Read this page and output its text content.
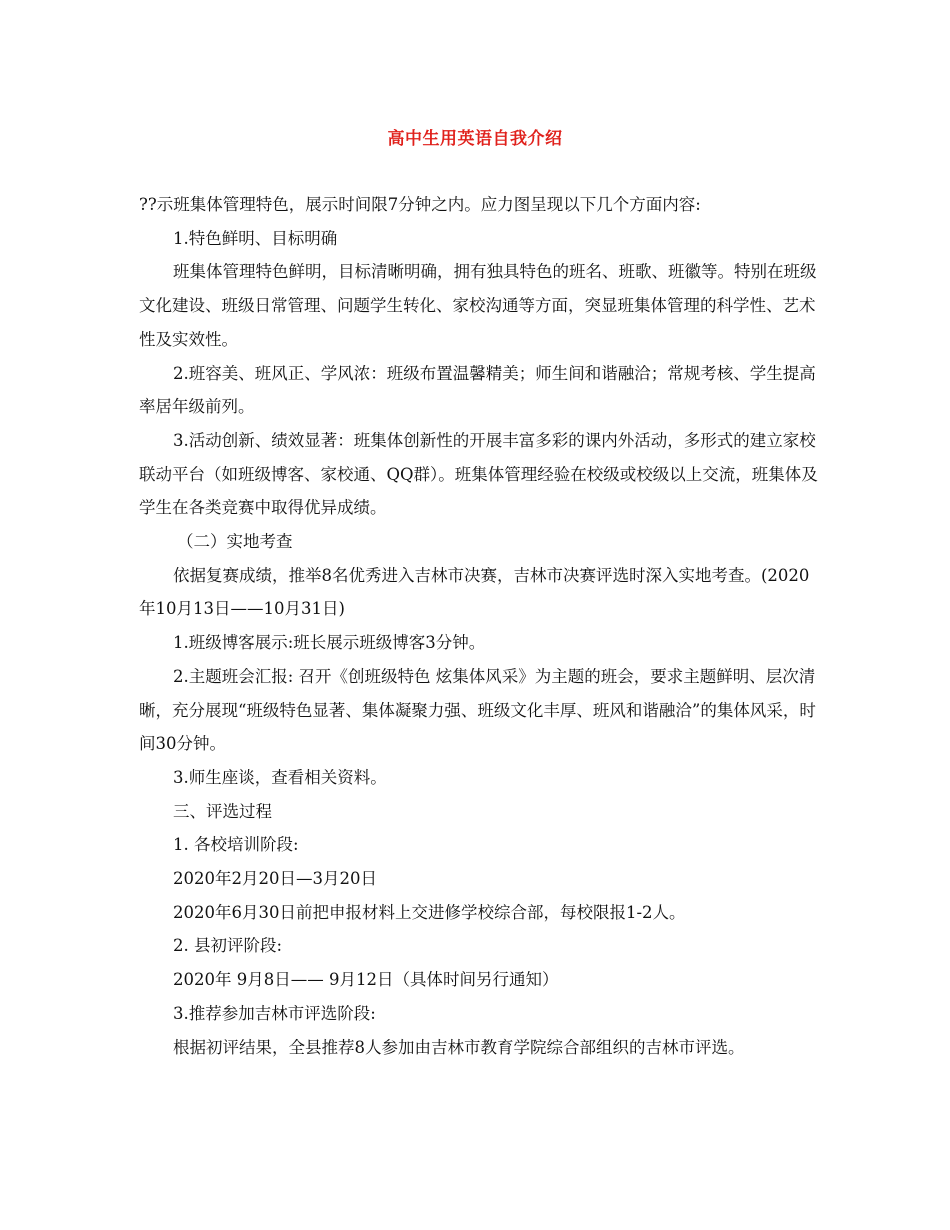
高中生用英语自我介绍

??示班集体管理特色，展示时间限7分钟之内。应力图呈现以下几个方面内容:

1.特色鲜明、目标明确

班集体管理特色鲜明，目标清晰明确，拥有独具特色的班名、班歌、班徽等。特别在班级文化建设、班级日常管理、问题学生转化、家校沟通等方面，突显班集体管理的科学性、艺术性及实效性。

2.班容美、班风正、学风浓：班级布置温馨精美；师生间和谐融洽；常规考核、学生提高率居年级前列。

3.活动创新、绩效显著：班集体创新性的开展丰富多彩的课内外活动，多形式的建立家校联动平台（如班级博客、家校通、QQ群）。班集体管理经验在校级或校级以上交流，班集体及学生在各类竞赛中取得优异成绩。

（二）实地考查

依据复赛成绩，推举8名优秀进入吉林市决赛，吉林市决赛评选时深入实地考查。(2020年10月13日——10月31日)

1.班级博客展示:班长展示班级博客3分钟。

2.主题班会汇报: 召开《创班级特色 炫集体风采》为主题的班会，要求主题鲜明、层次清晰，充分展现“班级特色显著、集体凝聚力强、班级文化丰厚、班风和谐融洽”的集体风采，时间30分钟。

3.师生座谈，查看相关资料。

三、评选过程

1. 各校培训阶段:

2020年2月20日—3月20日

2020年6月30日前把申报材料上交进修学校综合部，每校限报1-2人。

2. 县初评阶段:

2020年 9月8日—— 9月12日（具体时间另行通知）

3.推荐参加吉林市评选阶段:

根据初评结果，全县推荐8人参加由吉林市教育学院综合部组织的吉林市评选。
